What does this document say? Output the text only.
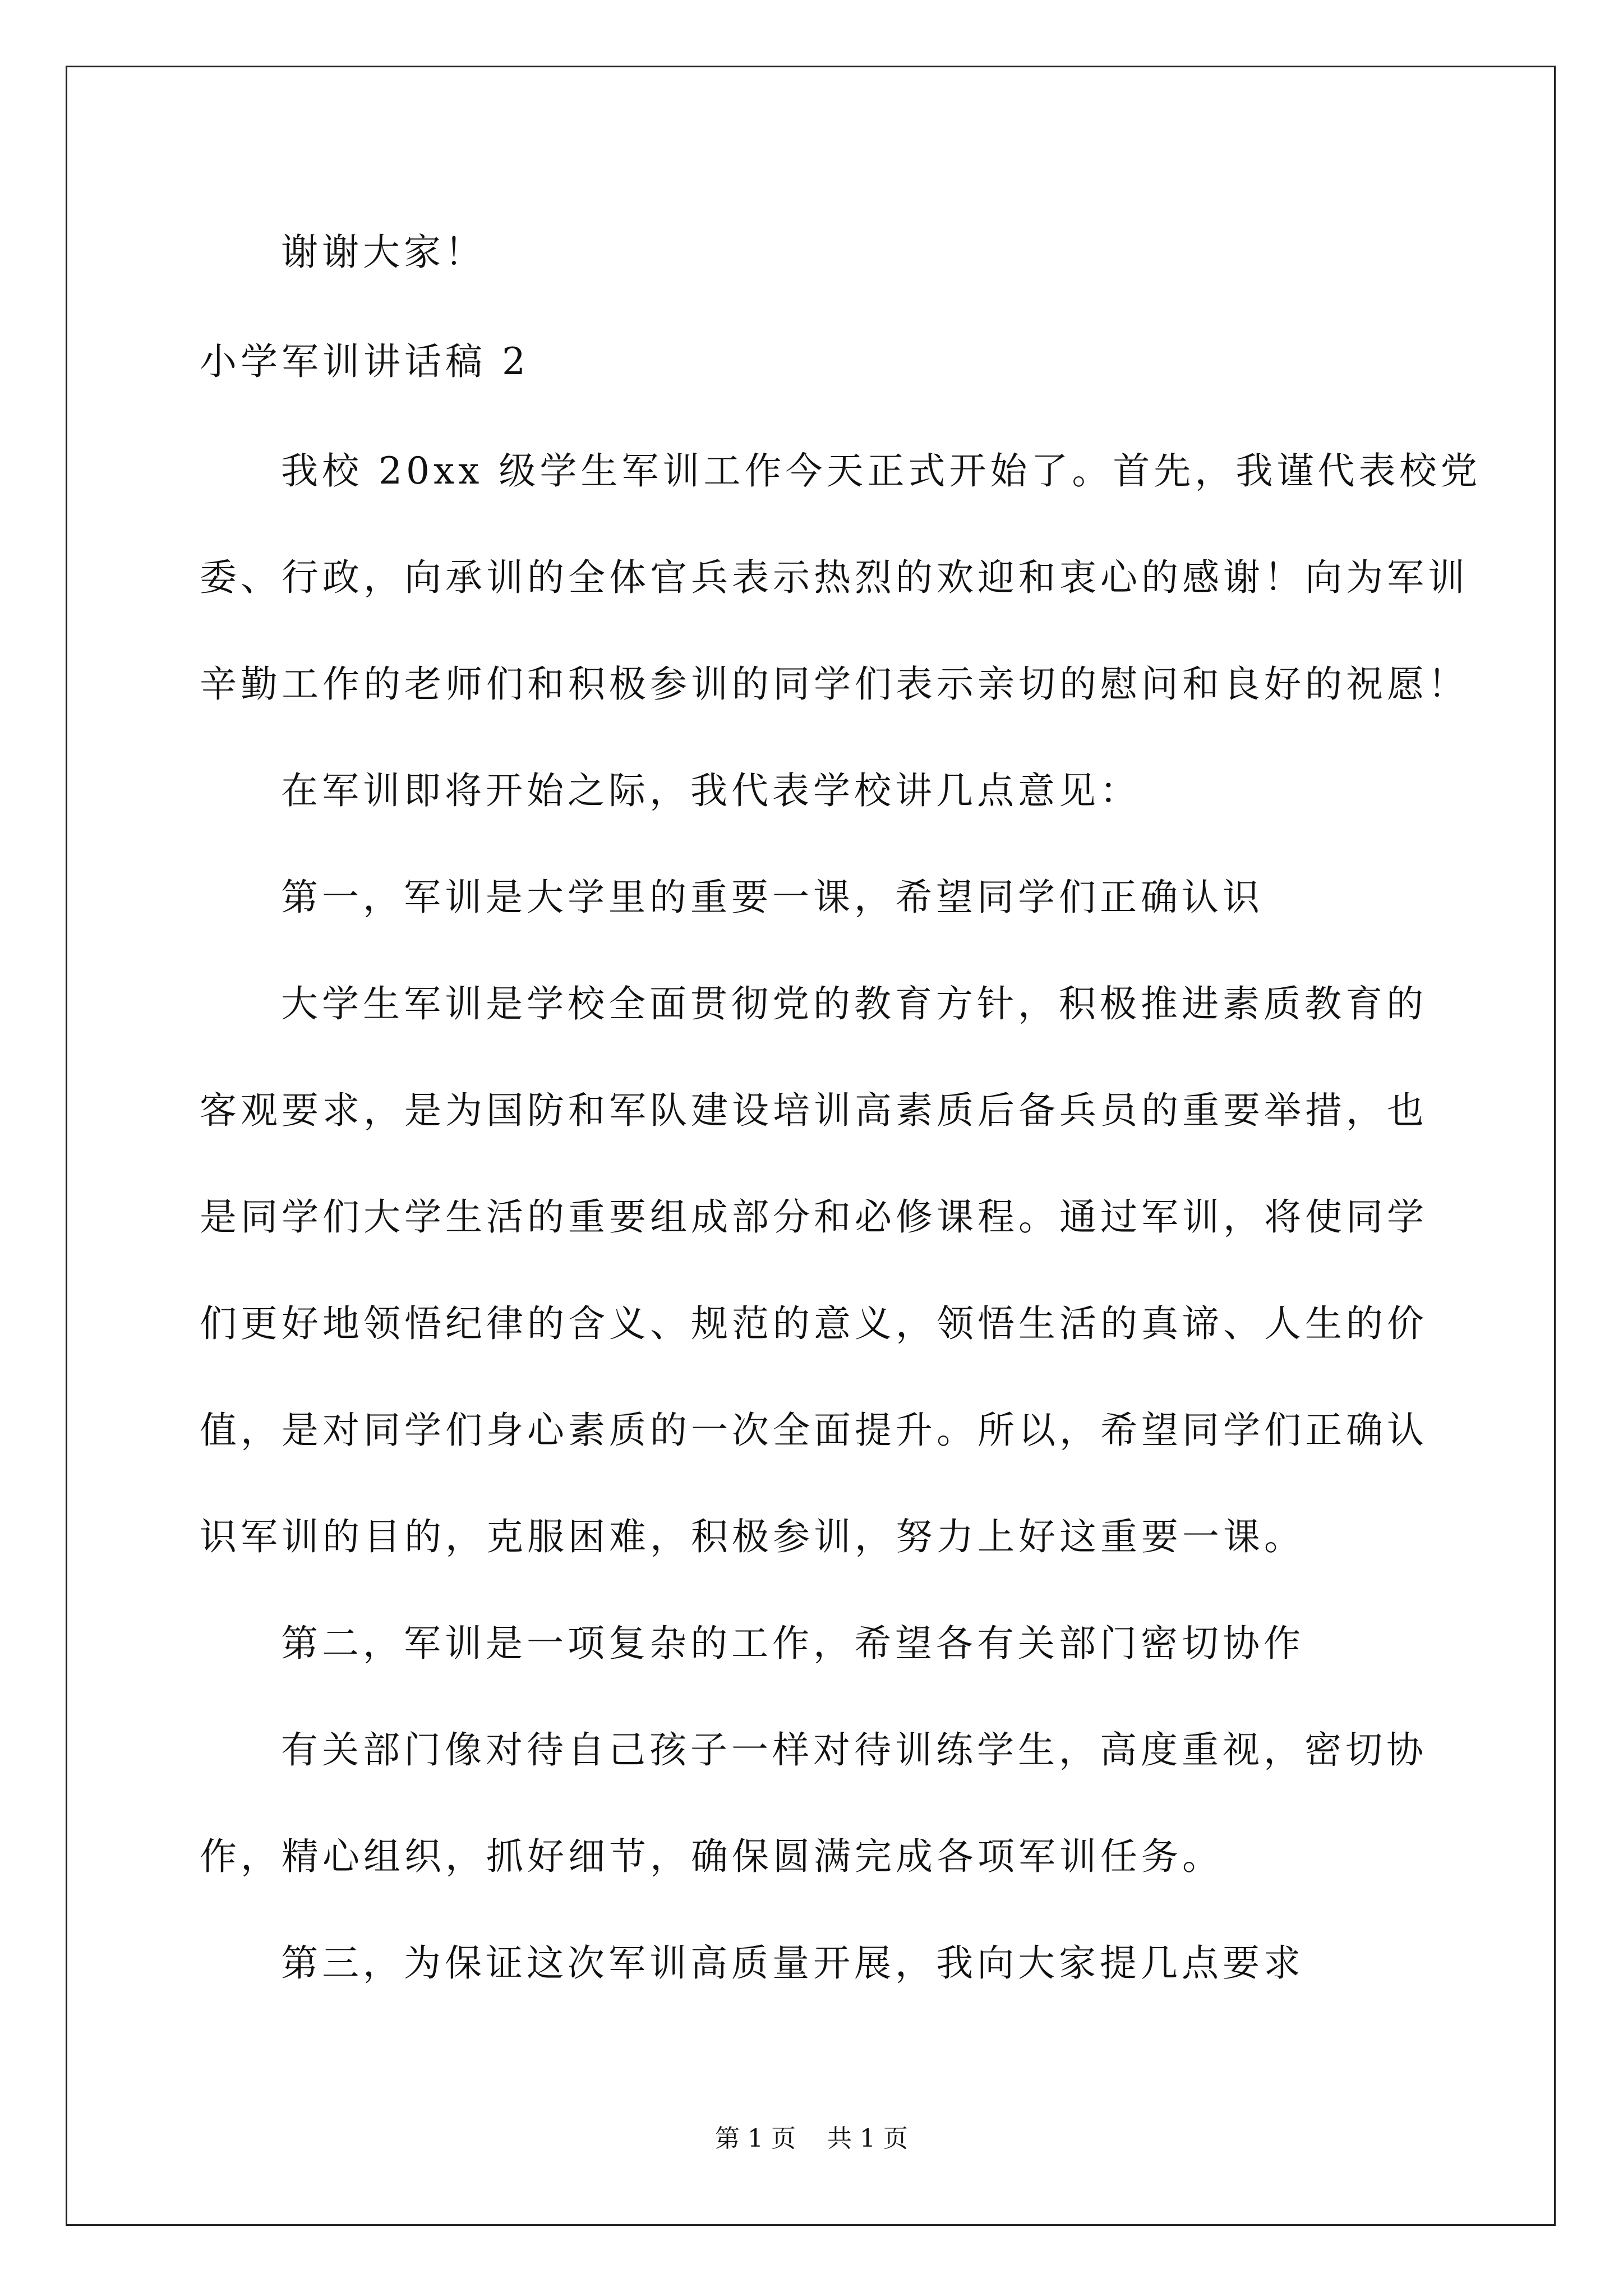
谢谢大家！
小学军训讲话稿 2
我校 20xx 级学生军训工作今天正式开始了。首先，我谨代表校党
委、行政，向承训的全体官兵表示热烈的欢迎和衷心的感谢！向为军训
辛勤工作的老师们和积极参训的同学们表示亲切的慰问和良好的祝愿！
在军训即将开始之际，我代表学校讲几点意见：
第一，军训是大学里的重要一课，希望同学们正确认识
大学生军训是学校全面贯彻党的教育方针，积极推进素质教育的
客观要求，是为国防和军队建设培训高素质后备兵员的重要举措，也
是同学们大学生活的重要组成部分和必修课程。通过军训，将使同学
们更好地领悟纪律的含义、规范的意义，领悟生活的真谛、人生的价
值，是对同学们身心素质的一次全面提升。所以，希望同学们正确认
识军训的目的，克服困难，积极参训，努力上好这重要一课。
第二，军训是一项复杂的工作，希望各有关部门密切协作
有关部门像对待自己孩子一样对待训练学生，高度重视，密切协
作，精心组织，抓好细节，确保圆满完成各项军训任务。
第三，为保证这次军训高质量开展，我向大家提几点要求
第 1 页    共 1 页
